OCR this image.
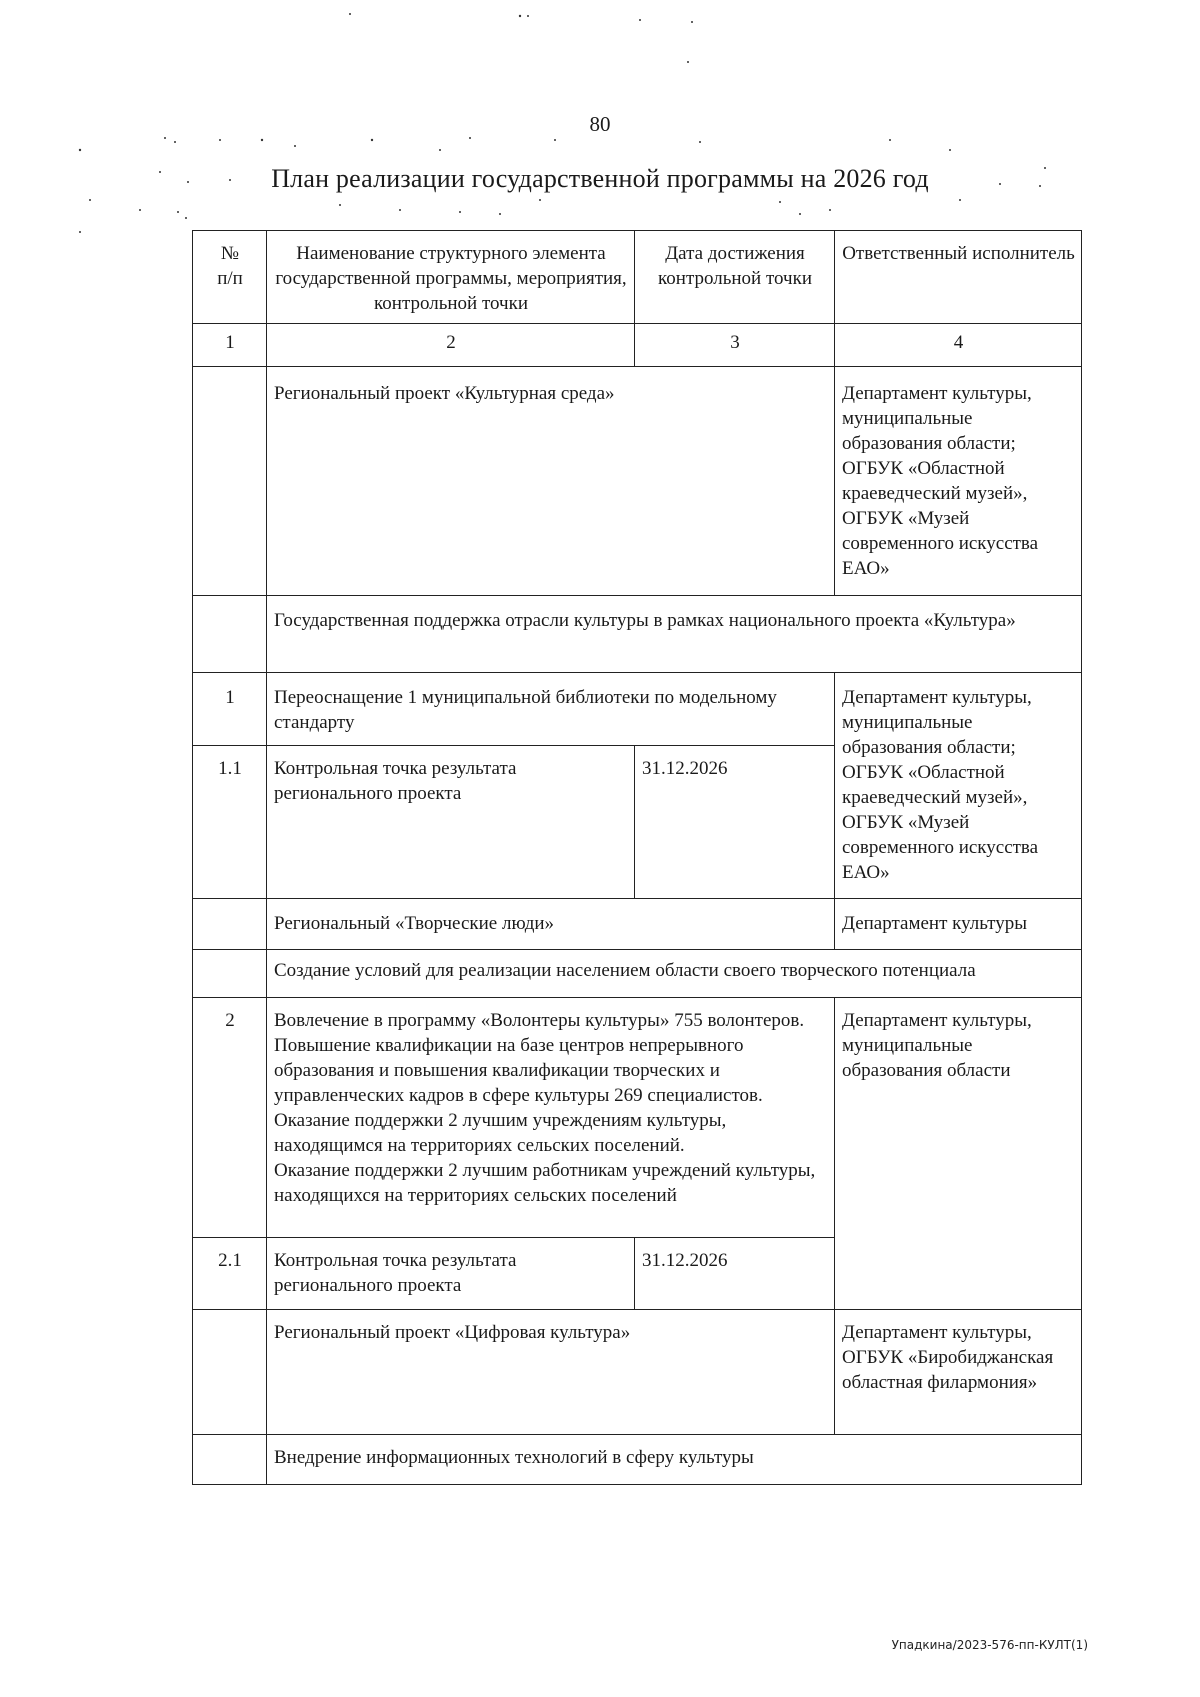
80
План реализации государственной программы на 2026 год
№
п/п	Наименование структурного элемента государственной программы, мероприятия, контрольной точки	Дата достижения контрольной точки	Ответственный исполнитель
1	2	3	4
	Региональный проект «Культурная среда»		Департамент культуры, муниципальные образования области; ОГБУК «Областной краеведческий музей», ОГБУК «Музей современного искусства ЕАО»
	Государственная поддержка отрасли культуры в рамках национального проекта «Культура»		
1	Переоснащение 1 муниципальной библиотеки по модельному стандарту		Департамент культуры, муниципальные образования области; ОГБУК «Областной краеведческий музей», ОГБУК «Музей современного искусства ЕАО»
1.1	Контрольная точка результата регионального проекта	31.12.2026	
	Региональный «Творческие люди»		Департамент культуры
	Создание условий для реализации населением области своего творческого потенциала		
2	Вовлечение в программу «Волонтеры культуры» 755 волонтеров.
Повышение квалификации на базе центров непрерывного образования и повышения квалификации творческих и управленческих кадров в сфере культуры 269 специалистов.
Оказание поддержки 2 лучшим учреждениям культуры, находящимся на территориях сельских поселений.
Оказание поддержки 2 лучшим работникам учреждений культуры, находящихся на территориях сельских поселений		Департамент культуры, муниципальные образования области
2.1	Контрольная точка результата регионального проекта	31.12.2026	
	Региональный проект «Цифровая культура»		Департамент культуры, ОГБУК «Биробиджанская областная филармония»
	Внедрение информационных технологий в сферу культуры		
Упадкина/2023-576-пп-КУЛТ(1)
